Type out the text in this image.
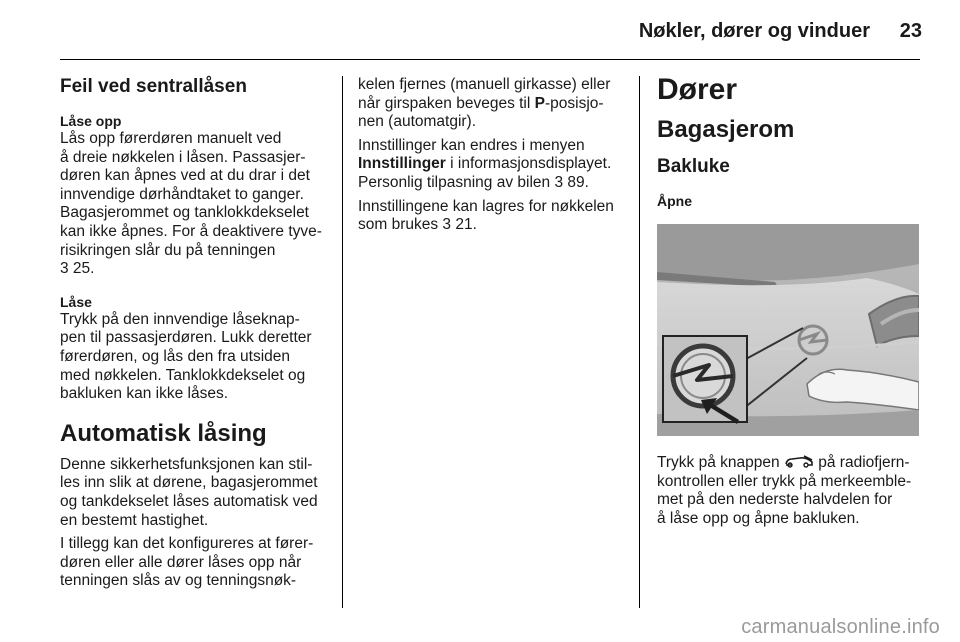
Nøkler, dører og vinduer	23
Feil ved sentrallåsen
Låse opp

Lås opp førerdøren manuelt ved
å dreie nøkkelen i låsen. Passasjer-
døren kan åpnes ved at du drar i det
innvendige dørhåndtaket to ganger.
Bagasjerommet og tanklokkdekselet
kan ikke åpnes. For å deaktivere tyve-
risikringen slår du på tenningen
3 25.

Låse

Trykk på den innvendige låseknap-
pen til passasjerdøren. Lukk deretter
førerdøren, og lås den fra utsiden
med nøkkelen. Tanklokkdekselet og
bakluken kan ikke låses.

Automatisk låsing

Denne sikkerhetsfunksjonen kan stil-
les inn slik at dørene, bagasjerommet
og tankdekselet låses automatisk ved
en bestemt hastighet.

I tillegg kan det konfigureres at fører-
døren eller alle dører låses opp når
tenningen slås av og tenningsnøk-

kelen fjernes (manuell girkasse) eller
når girspaken beveges til P-posisjo-
nen (automatgir).

Innstillinger kan endres i menyen
Innstillinger i informasjonsdisplayet.
Personlig tilpasning av bilen 3 89.

Innstillingene kan lagres for nøkkelen
som brukes 3 21.

Dører
Bagasjerom
Bakluke
Åpne

Trykk på knappen  på radiofjern-
kontrollen eller trykk på merkeemble-
met på den nederste halvdelen for
å låse opp og åpne bakluken.

carmanualsonline.info
